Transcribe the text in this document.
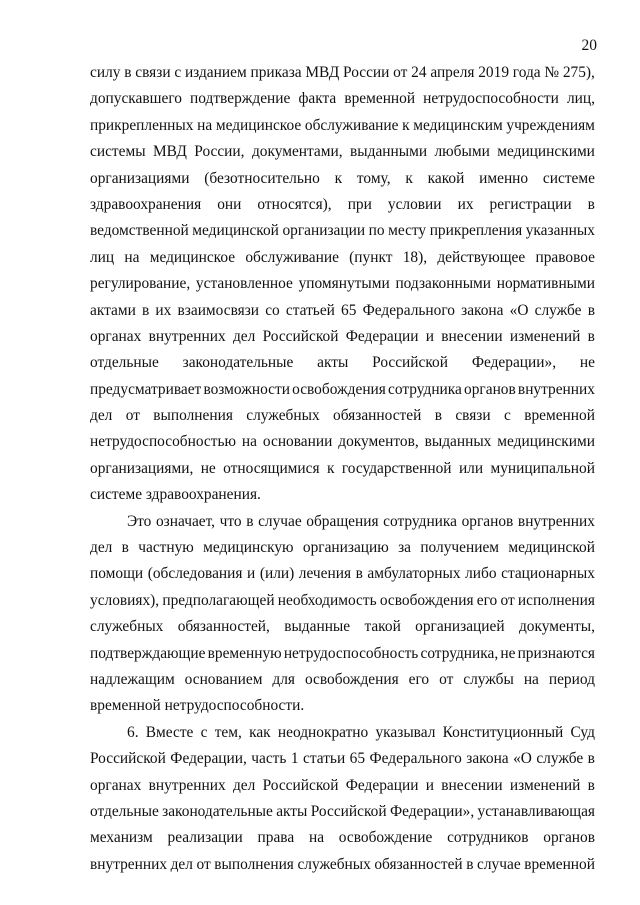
20
силу в связи с изданием приказа МВД России от 24 апреля 2019 года № 275),
допускавшего подтверждение факта временной нетрудоспособности лиц,
прикрепленных на медицинское обслуживание к медицинским учреждениям
системы МВД России, документами, выданными любыми медицинскими
организациями (безотносительно к тому, к какой именно системе
здравоохранения они относятся), при условии их регистрации в
ведомственной медицинской организации по месту прикрепления указанных
лиц на медицинское обслуживание (пункт 18), действующее правовое
регулирование, установленное упомянутыми подзаконными нормативными
актами в их взаимосвязи со статьей 65 Федерального закона «О службе в
органах внутренних дел Российской Федерации и внесении изменений в
отдельные законодательные акты Российской Федерации», не
предусматривает возможности освобождения сотрудника органов внутренних
дел от выполнения служебных обязанностей в связи с временной
нетрудоспособностью на основании документов, выданных медицинскими
организациями, не относящимися к государственной или муниципальной
системе здравоохранения.
Это означает, что в случае обращения сотрудника органов внутренних
дел в частную медицинскую организацию за получением медицинской
помощи (обследования и (или) лечения в амбулаторных либо стационарных
условиях), предполагающей необходимость освобождения его от исполнения
служебных обязанностей, выданные такой организацией документы,
подтверждающие временную нетрудоспособность сотрудника, не признаются
надлежащим основанием для освобождения его от службы на период
временной нетрудоспособности.
6. Вместе с тем, как неоднократно указывал Конституционный Суд
Российской Федерации, часть 1 статьи 65 Федерального закона «О службе в
органах внутренних дел Российской Федерации и внесении изменений в
отдельные законодательные акты Российской Федерации», устанавливающая
механизм реализации права на освобождение сотрудников органов
внутренних дел от выполнения служебных обязанностей в случае временной
